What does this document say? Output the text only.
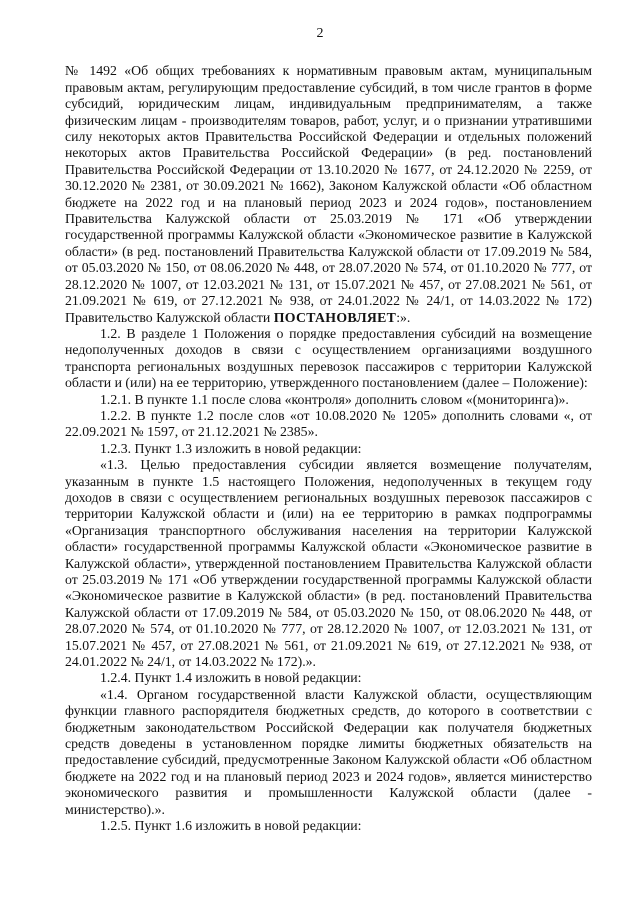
2

№ 1492 «Об общих требованиях к нормативным правовым актам, муниципальным правовым актам, регулирующим предоставление субсидий, в том числе грантов в форме субсидий, юридическим лицам, индивидуальным предпринимателям, а также физическим лицам - производителям товаров, работ, услуг, и о признании утратившими силу некоторых актов Правительства Российской Федерации и отдельных положений некоторых актов Правительства Российской Федерации» (в ред. постановлений Правительства Российской Федерации от 13.10.2020 № 1677, от 24.12.2020 № 2259, от 30.12.2020 № 2381, от 30.09.2021 № 1662), Законом Калужской области «Об областном бюджете на 2022 год и на плановый период 2023 и 2024 годов», постановлением Правительства Калужской области от 25.03.2019 № 171 «Об утверждении государственной программы Калужской области «Экономическое развитие в Калужской области» (в ред. постановлений Правительства Калужской области от 17.09.2019 № 584, от 05.03.2020 № 150, от 08.06.2020 № 448, от 28.07.2020 № 574, от 01.10.2020 № 777, от 28.12.2020 № 1007, от 12.03.2021 № 131, от 15.07.2021 № 457, от 27.08.2021 № 561, от 21.09.2021 № 619, от 27.12.2021 № 938, от 24.01.2022 № 24/1, от 14.03.2022 № 172) Правительство Калужской области ПОСТАНОВЛЯЕТ:».

1.2. В разделе 1 Положения о порядке предоставления субсидий на возмещение недополученных доходов в связи с осуществлением организациями воздушного транспорта региональных воздушных перевозок пассажиров с территории Калужской области и (или) на ее территорию, утвержденного постановлением (далее – Положение):

1.2.1. В пункте 1.1 после слова «контроля» дополнить словом «(мониторинга)».

1.2.2. В пункте 1.2 после слов «от 10.08.2020 № 1205» дополнить словами «, от 22.09.2021 № 1597, от 21.12.2021 № 2385».

1.2.3. Пункт 1.3 изложить в новой редакции:

«1.3. Целью предоставления субсидии является возмещение получателям, указанным в пункте 1.5 настоящего Положения, недополученных в текущем году доходов в связи с осуществлением региональных воздушных перевозок пассажиров с территории Калужской области и (или) на ее территорию в рамках подпрограммы «Организация транспортного обслуживания населения на территории Калужской области» государственной программы Калужской области «Экономическое развитие в Калужской области», утвержденной постановлением Правительства Калужской области от 25.03.2019 № 171 «Об утверждении государственной программы Калужской области «Экономическое развитие в Калужской области» (в ред. постановлений Правительства Калужской области от 17.09.2019 № 584, от 05.03.2020 № 150, от 08.06.2020 № 448, от 28.07.2020 № 574, от 01.10.2020 № 777, от 28.12.2020 № 1007, от 12.03.2021 № 131, от 15.07.2021 № 457, от 27.08.2021 № 561, от 21.09.2021 № 619, от 27.12.2021 № 938, от 24.01.2022 № 24/1, от 14.03.2022 № 172).».

1.2.4. Пункт 1.4 изложить в новой редакции:

«1.4. Органом государственной власти Калужской области, осуществляющим функции главного распорядителя бюджетных средств, до которого в соответствии с бюджетным законодательством Российской Федерации как получателя бюджетных средств доведены в установленном порядке лимиты бюджетных обязательств на предоставление субсидий, предусмотренные Законом Калужской области «Об областном бюджете на 2022 год и на плановый период 2023 и 2024 годов», является министерство экономического развития и промышленности Калужской области (далее - министерство).».

1.2.5. Пункт 1.6 изложить в новой редакции:
